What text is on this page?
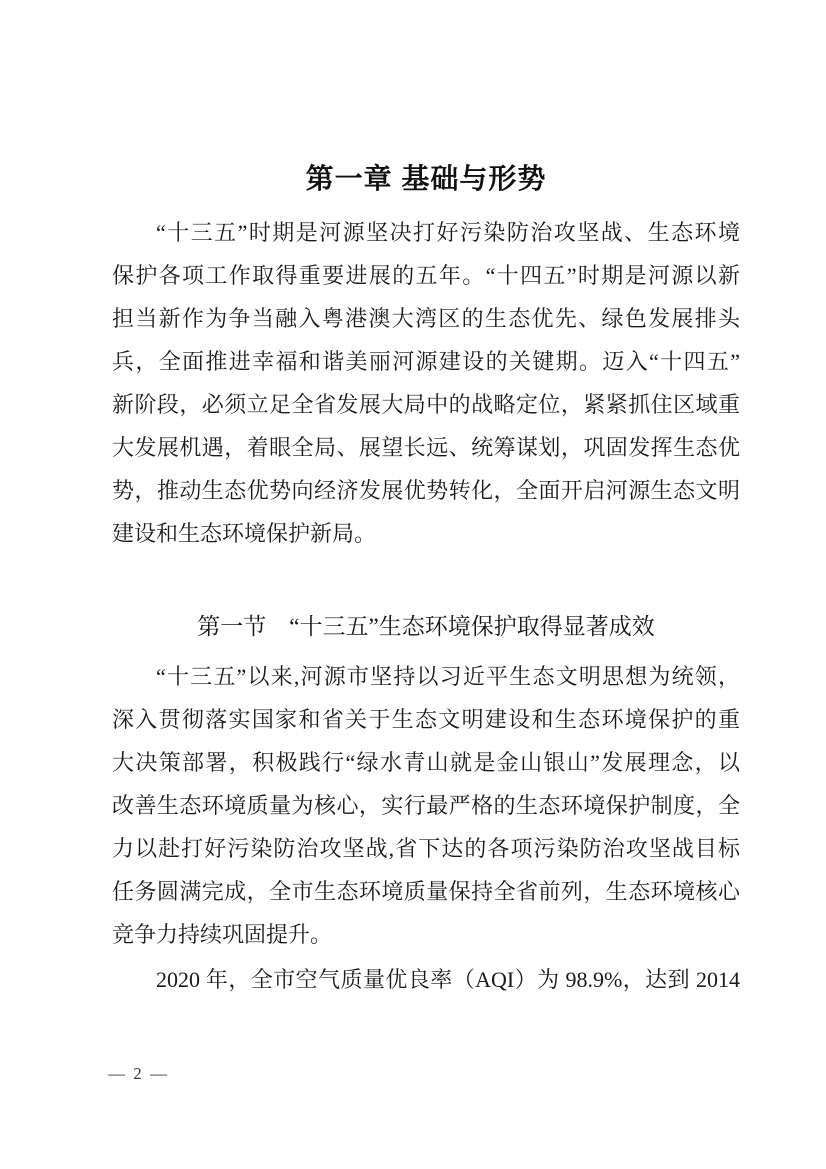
第一章 基础与形势
“十三五”时期是河源坚决打好污染防治攻坚战、生态环境
保护各项工作取得重要进展的五年。“十四五”时期是河源以新
担当新作为争当融入粤港澳大湾区的生态优先、绿色发展排头
兵，全面推进幸福和谐美丽河源建设的关键期。迈入“十四五”
新阶段，必须立足全省发展大局中的战略定位，紧紧抓住区域重
大发展机遇，着眼全局、展望长远、统筹谋划，巩固发挥生态优
势，推动生态优势向经济发展优势转化，全面开启河源生态文明
建设和生态环境保护新局。
第一节  “十三五”生态环境保护取得显著成效
“十三五”以来,河源市坚持以习近平生态文明思想为统领，
深入贯彻落实国家和省关于生态文明建设和生态环境保护的重
大决策部署，积极践行“绿水青山就是金山银山”发展理念，以
改善生态环境质量为核心，实行最严格的生态环境保护制度，全
力以赴打好污染防治攻坚战,省下达的各项污染防治攻坚战目标
任务圆满完成，全市生态环境质量保持全省前列，生态环境核心
竞争力持续巩固提升。
2020 年，全市空气质量优良率（AQI）为 98.9%，达到 2014
— 2 —
